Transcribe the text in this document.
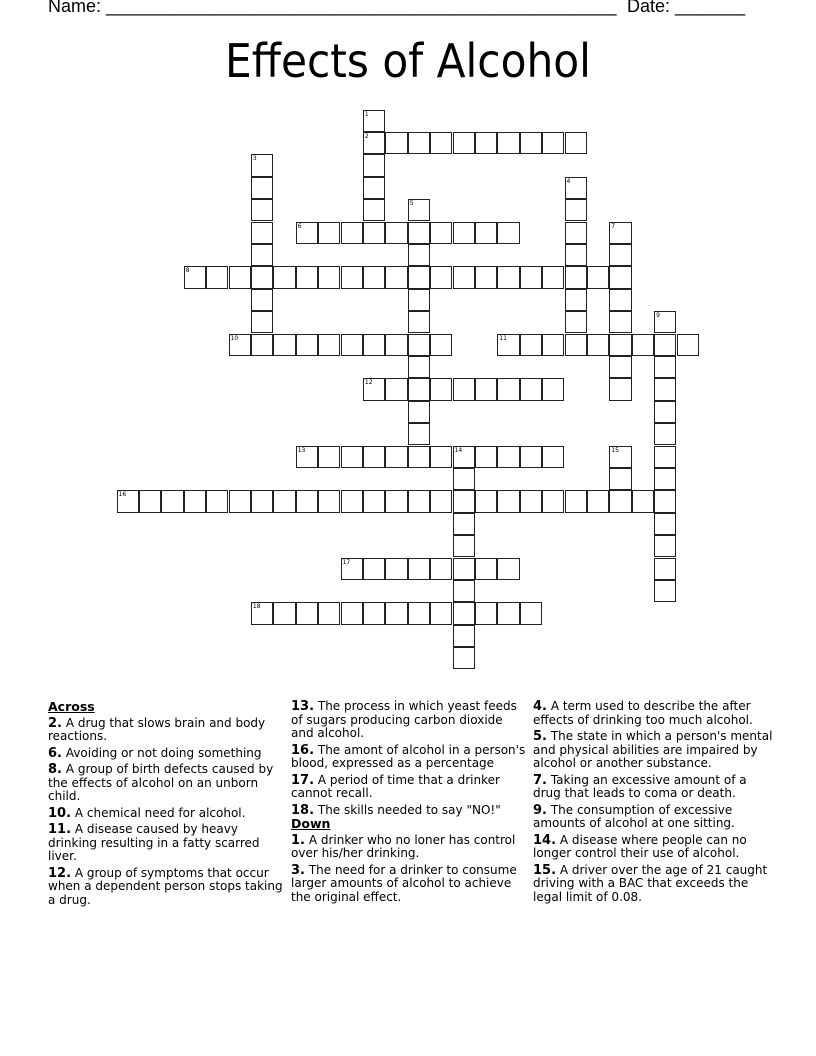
Name: ___________________________________________________ Date: _______
Effects of Alcohol
2
6
8
10	11
12
13	14
16
17
18
1
3
4
5
7
9
15
Across
2. A drug that slows brain and body reactions.
6. Avoiding or not doing something
8. A group of birth defects caused by the effects of alcohol on an unborn child.
10. A chemical need for alcohol.
11. A disease caused by heavy drinking resulting in a fatty scarred liver.
12. A group of symptoms that occur when a dependent person stops taking a drug.
13. The process in which yeast feeds of sugars producing carbon dioxide and alcohol.
16. The amont of alcohol in a person's blood, expressed as a percentage
17. A period of time that a drinker cannot recall.
18. The skills needed to say "NO!"
Down
1. A drinker who no loner has control over his/her drinking.
3. The need for a drinker to consume larger amounts of alcohol to achieve the original effect.
4. A term used to describe the after effects of drinking too much alcohol.
5. The state in which a person's mental and physical abilities are impaired by alcohol or another substance.
7. Taking an excessive amount of a drug that leads to coma or death.
9. The consumption of excessive amounts of alcohol at one sitting.
14. A disease where people can no longer control their use of alcohol.
15. A driver over the age of 21 caught driving with a BAC that exceeds the legal limit of 0.08.
